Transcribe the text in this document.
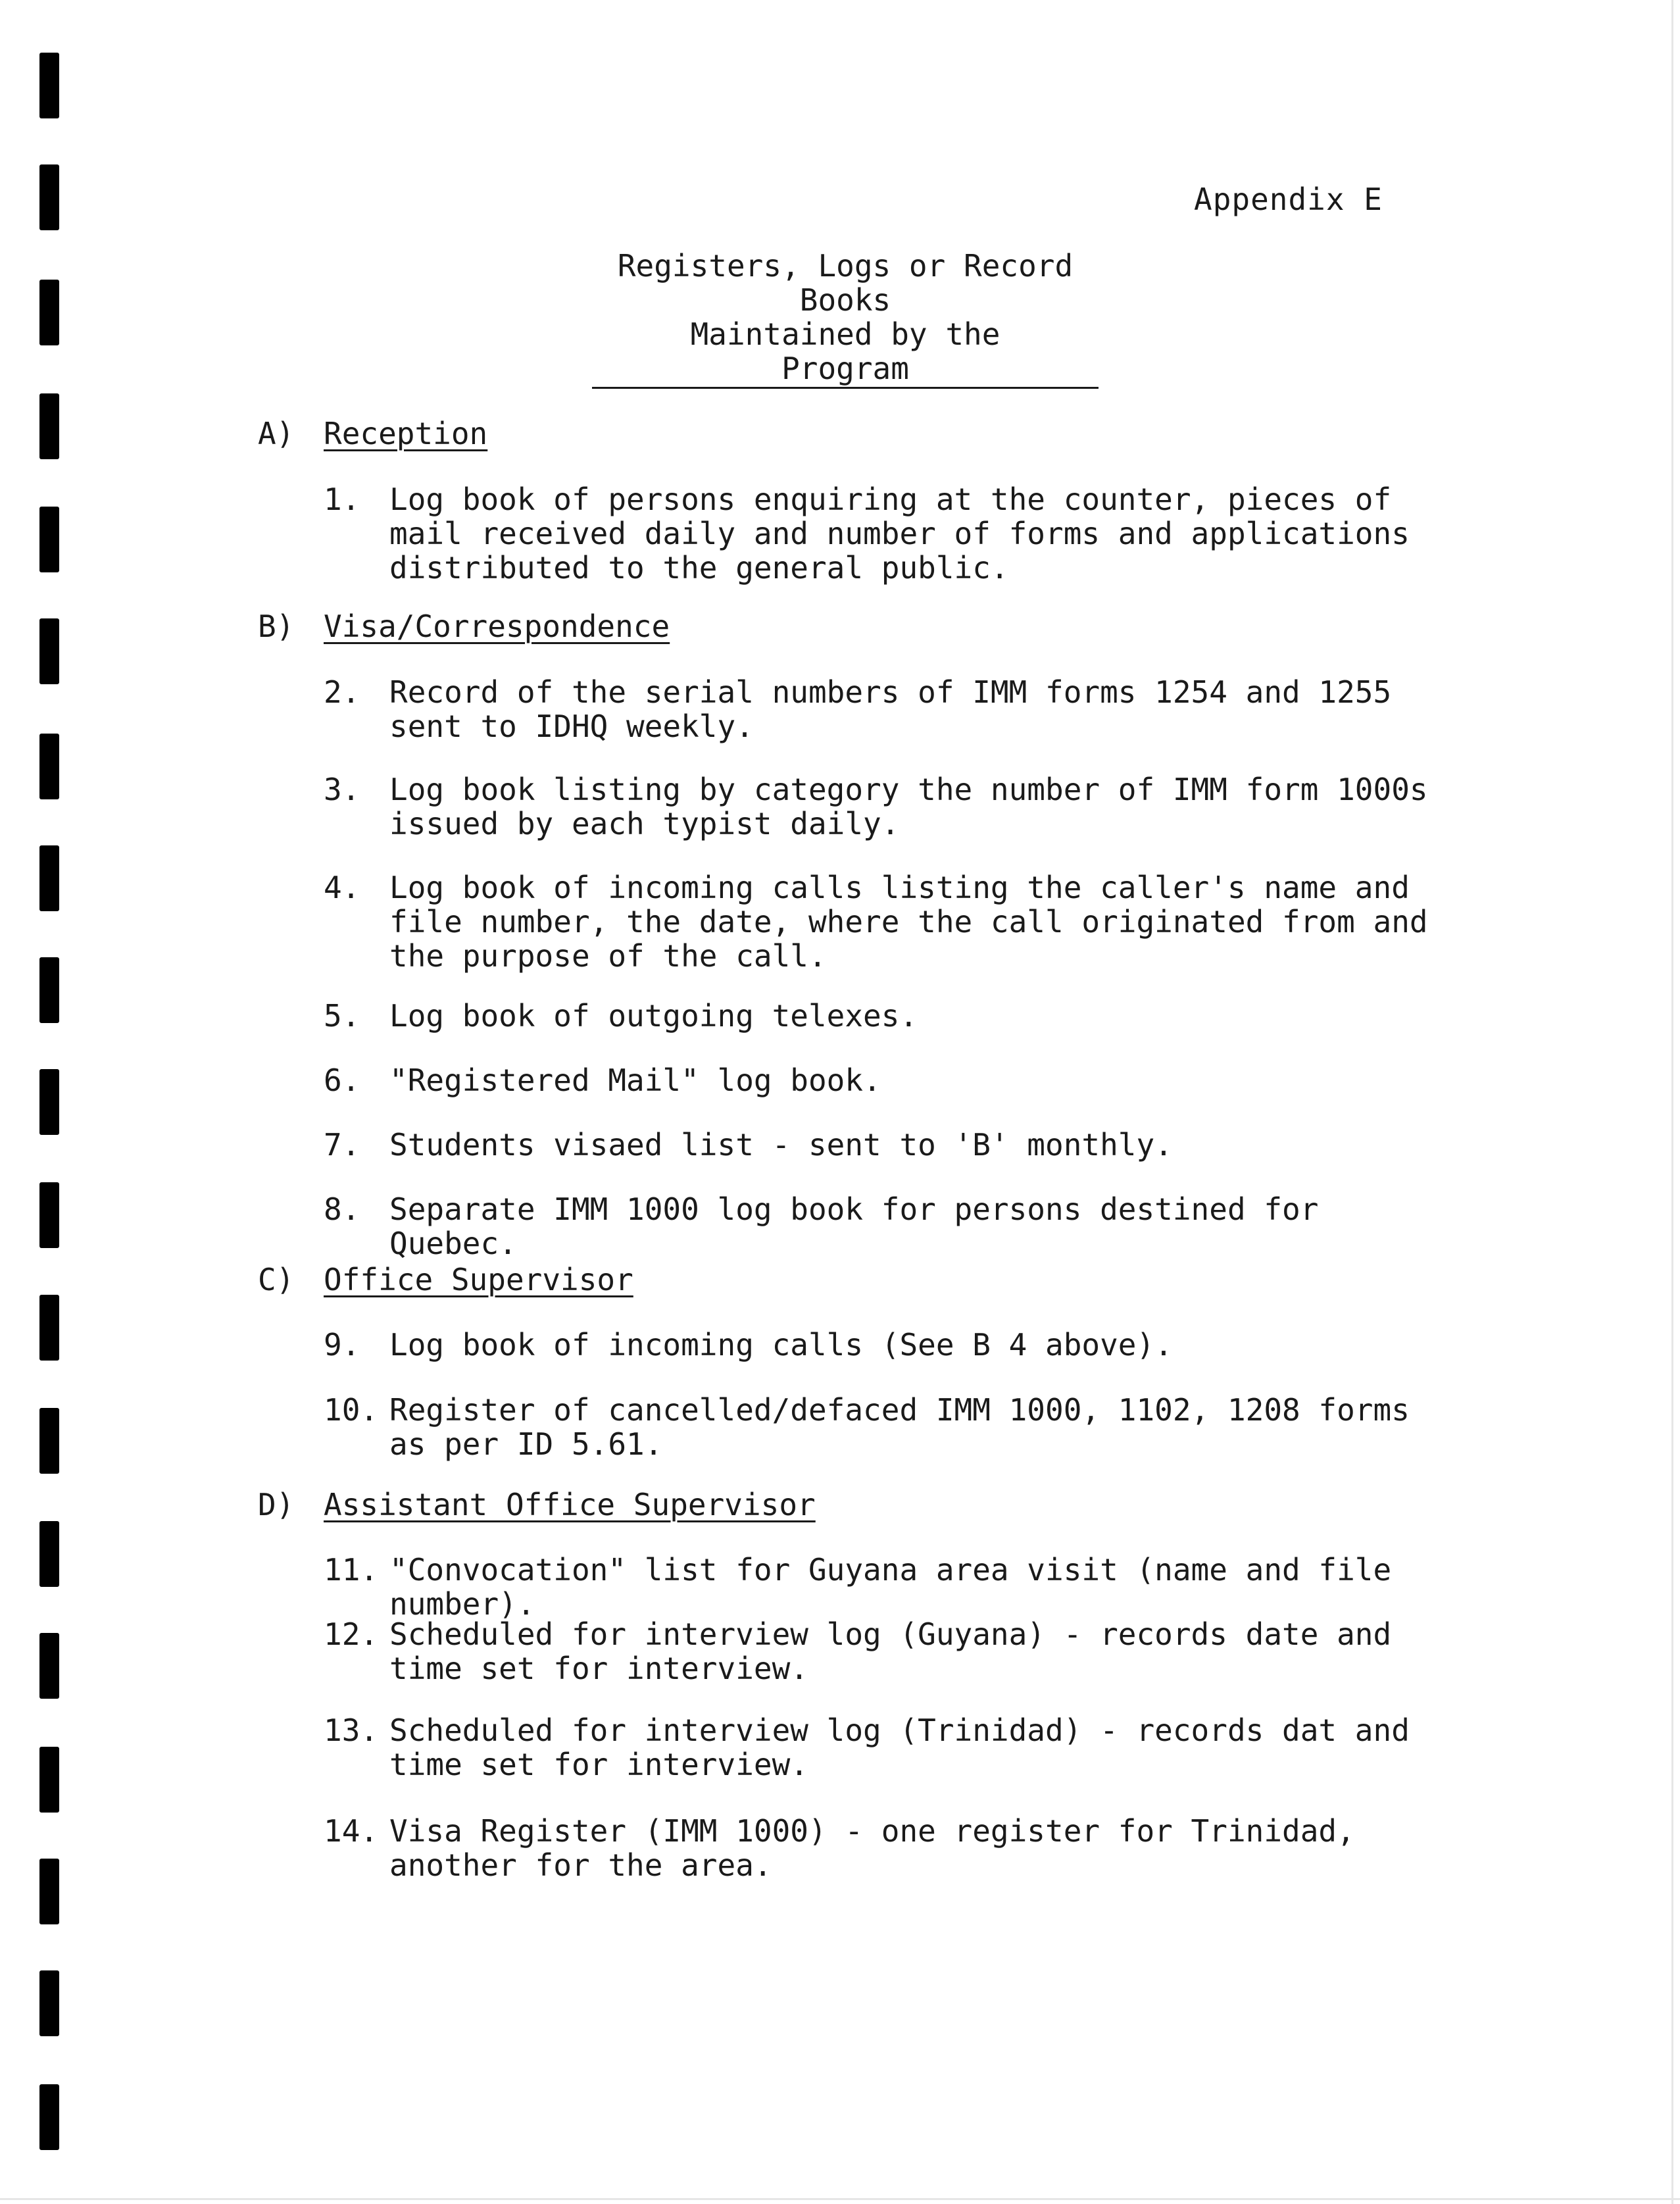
Appendix E
Registers, Logs or Record Books
Maintained by the Program
A) Reception
1. Log book of persons enquiring at the counter, pieces of mail received daily and number of forms and applications distributed to the general public.
B) Visa/Correspondence
2. Record of the serial numbers of IMM forms 1254 and 1255 sent to IDHQ weekly.
3. Log book listing by category the number of IMM form 1000s issued by each typist daily.
4. Log book of incoming calls listing the caller's name and file number, the date, where the call originated from and the purpose of the call.
5. Log book of outgoing telexes.
6. "Registered Mail" log book.
7. Students visaed list - sent to 'B' monthly.
8. Separate IMM 1000 log book for persons destined for Quebec.
C) Office Supervisor
9. Log book of incoming calls (See B 4 above).
10. Register of cancelled/defaced IMM 1000, 1102, 1208 forms as per ID 5.61.
D) Assistant Office Supervisor
11. "Convocation" list for Guyana area visit (name and file number).
12. Scheduled for interview log (Guyana) - records date and time set for interview.
13. Scheduled for interview log (Trinidad) - records dat and time set for interview.
14. Visa Register (IMM 1000) - one register for Trinidad, another for the area.
